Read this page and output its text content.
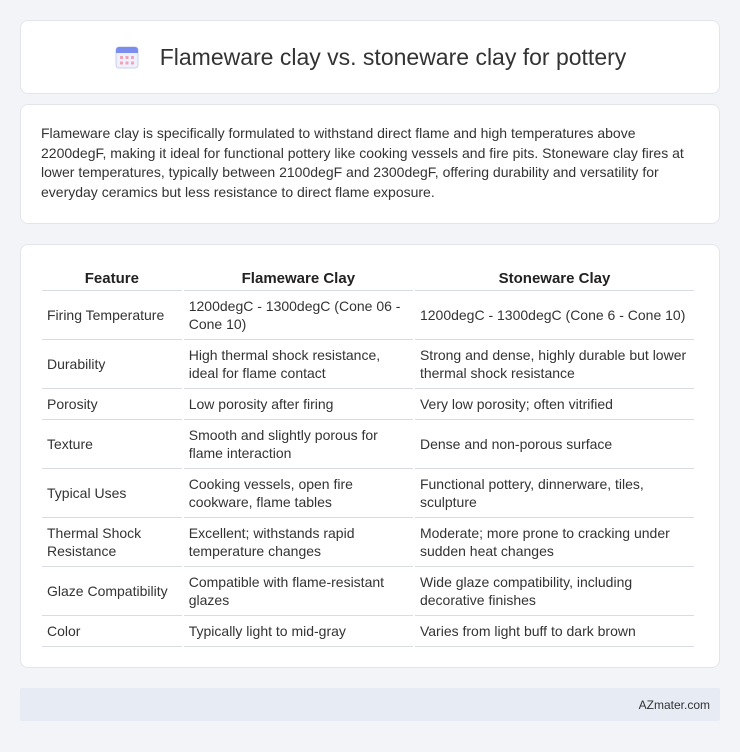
Flameware clay vs. stoneware clay for pottery

Flameware clay is specifically formulated to withstand direct flame and high temperatures above 2200degF, making it ideal for functional pottery like cooking vessels and fire pits. Stoneware clay fires at lower temperatures, typically between 2100degF and 2300degF, offering durability and versatility for everyday ceramics but less resistance to direct flame exposure.

Feature	Flameware Clay	Stoneware Clay
Firing Temperature	1200degC - 1300degC (Cone 06 - Cone 10)	1200degC - 1300degC (Cone 6 - Cone 10)
Durability	High thermal shock resistance, ideal for flame contact	Strong and dense, highly durable but lower thermal shock resistance
Porosity	Low porosity after firing	Very low porosity; often vitrified
Texture	Smooth and slightly porous for flame interaction	Dense and non-porous surface
Typical Uses	Cooking vessels, open fire cookware, flame tables	Functional pottery, dinnerware, tiles, sculpture
Thermal Shock Resistance	Excellent; withstands rapid temperature changes	Moderate; more prone to cracking under sudden heat changes
Glaze Compatibility	Compatible with flame-resistant glazes	Wide glaze compatibility, including decorative finishes
Color	Typically light to mid-gray	Varies from light buff to dark brown
AZmater.com
